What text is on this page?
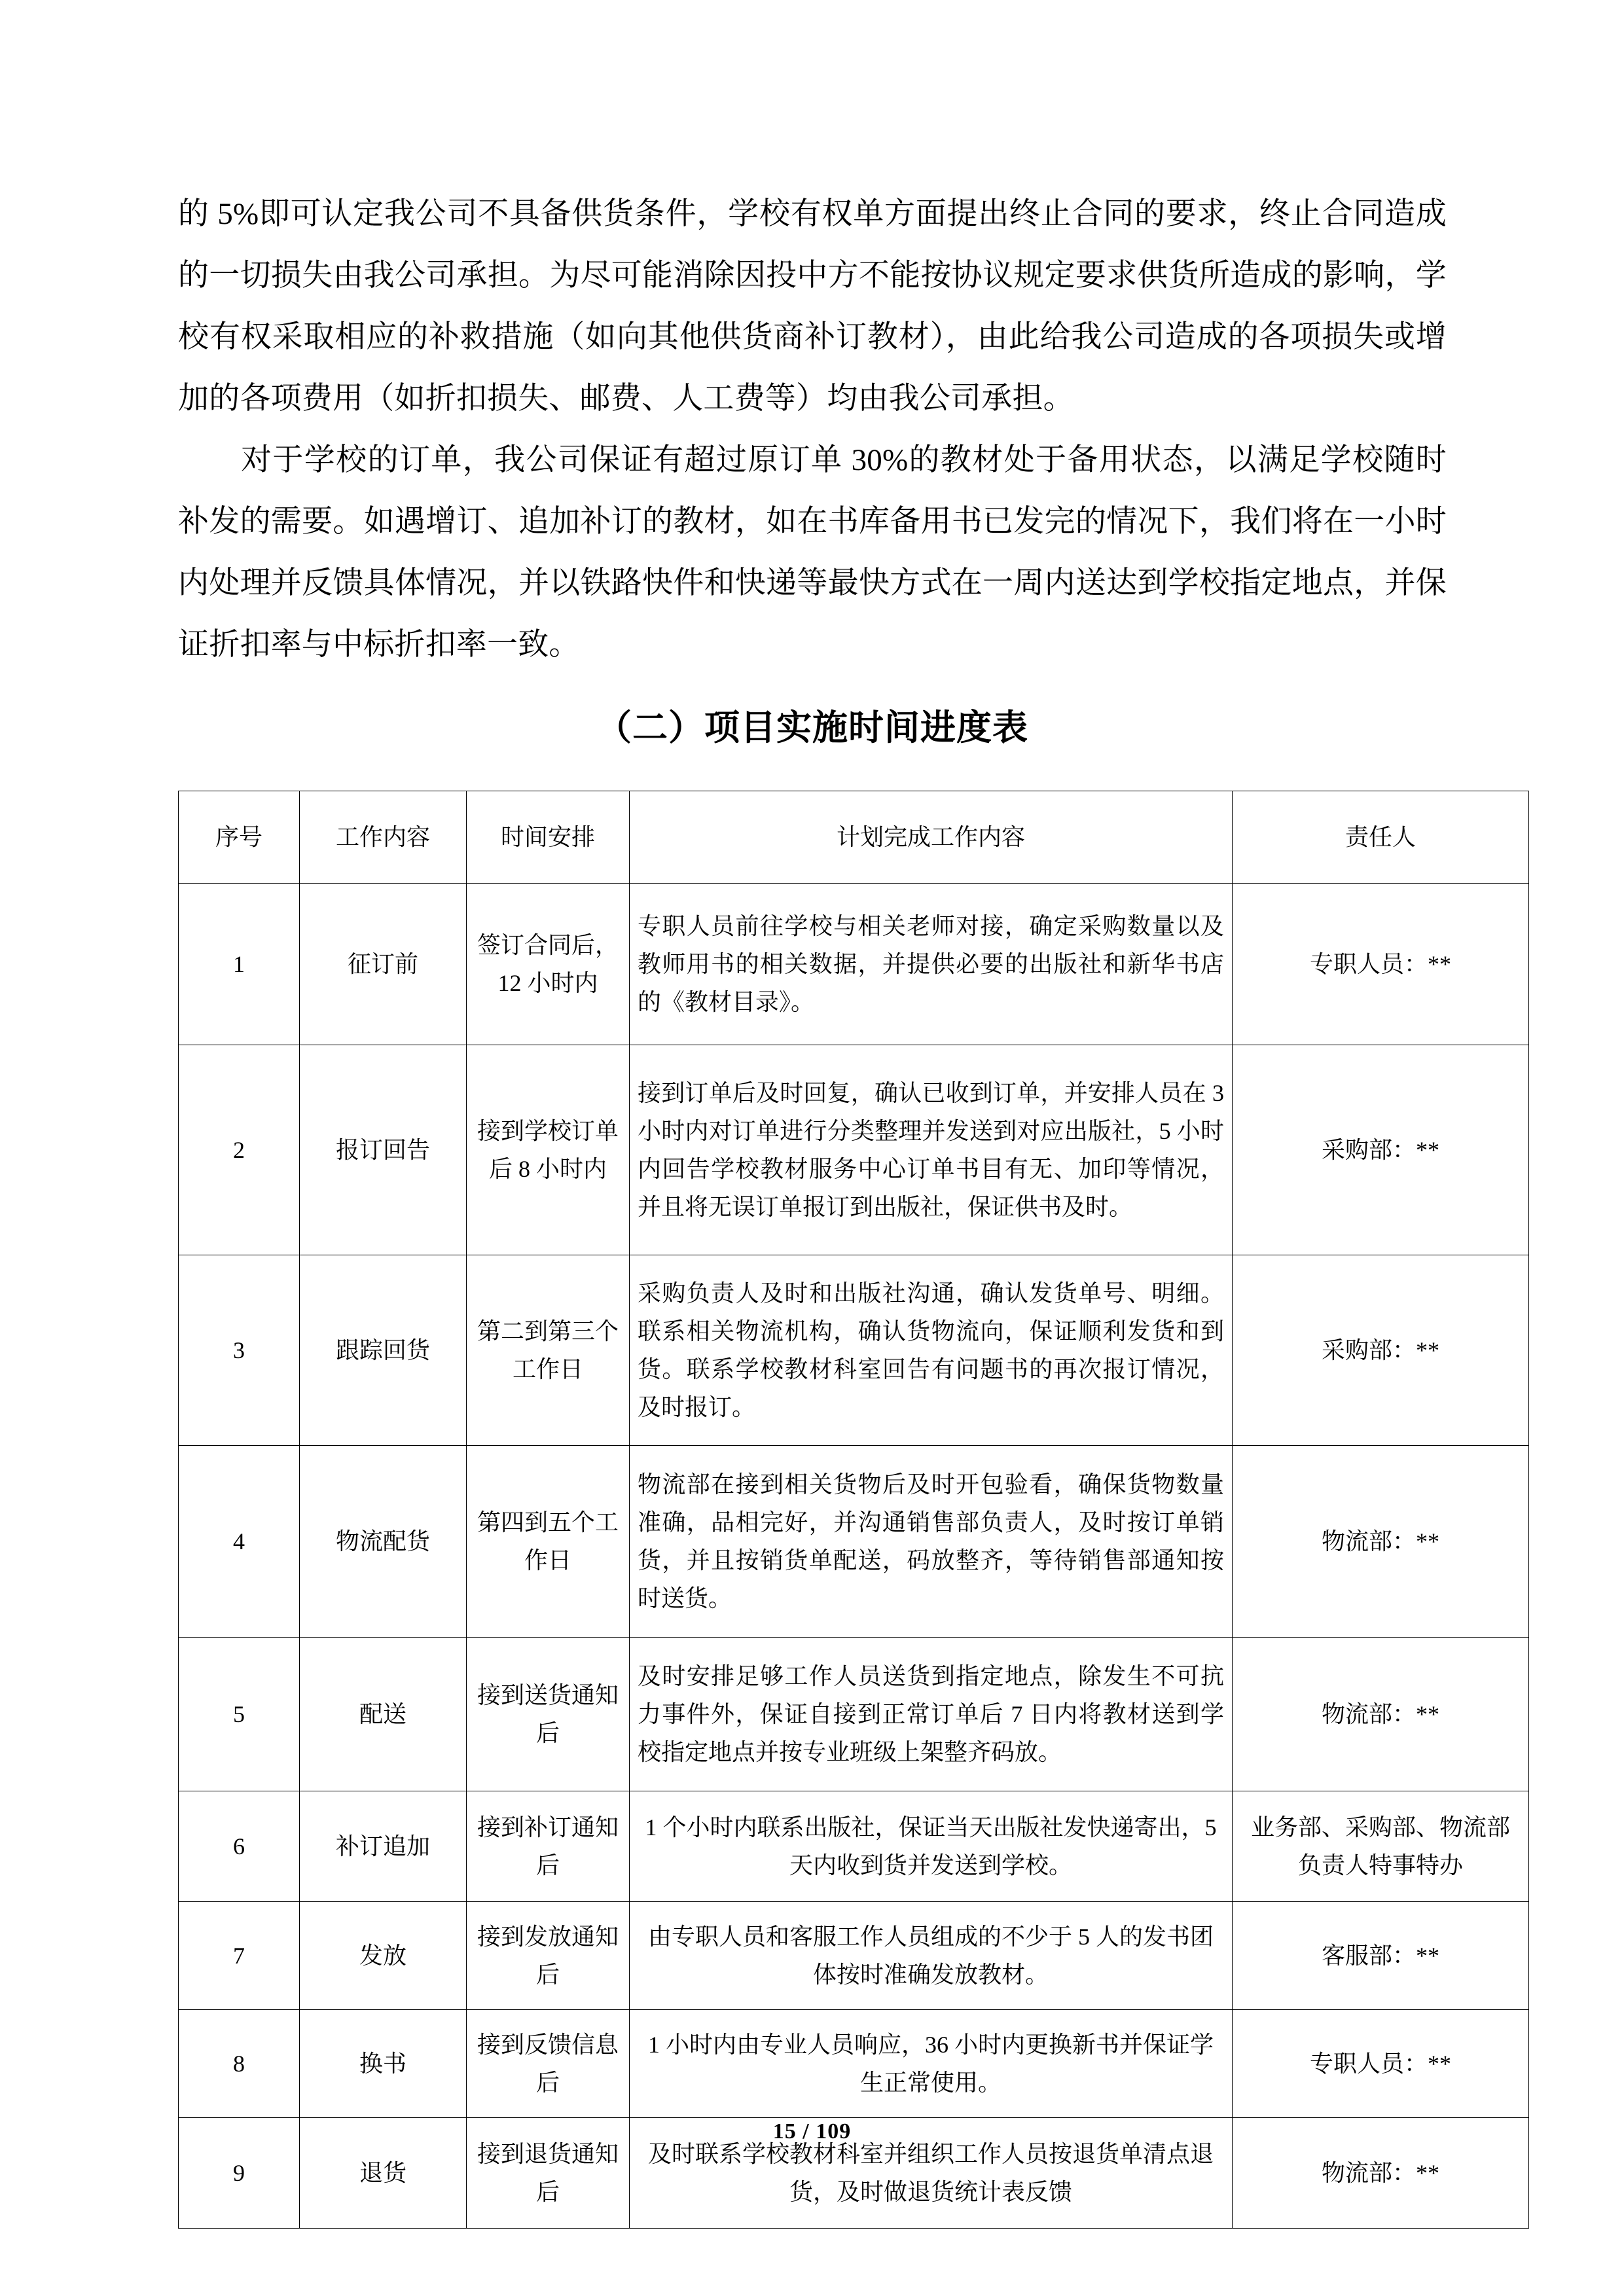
的 5%即可认定我公司不具备供货条件，学校有权单方面提出终止合同的要求，终止合同造成的一切损失由我公司承担。为尽可能消除因投中方不能按协议规定要求供货所造成的影响，学校有权采取相应的补救措施（如向其他供货商补订教材），由此给我公司造成的各项损失或增加的各项费用（如折扣损失、邮费、人工费等）均由我公司承担。

对于学校的订单，我公司保证有超过原订单 30%的教材处于备用状态，以满足学校随时补发的需要。如遇增订、追加补订的教材，如在书库备用书已发完的情况下，我们将在一小时内处理并反馈具体情况，并以铁路快件和快递等最快方式在一周内送达到学校指定地点，并保证折扣率与中标折扣率一致。

（二）项目实施时间进度表
序号	工作内容	时间安排	计划完成工作内容	责任人
1	征订前	签订合同后，12 小时内	专职人员前往学校与相关老师对接，确定采购数量以及教师用书的相关数据，并提供必要的出版社和新华书店的《教材目录》。	专职人员：**
2	报订回告	接到学校订单后 8 小时内	接到订单后及时回复，确认已收到订单，并安排人员在 3 小时内对订单进行分类整理并发送到对应出版社，5 小时内回告学校教材服务中心订单书目有无、加印等情况，并且将无误订单报订到出版社，保证供书及时。	采购部：**
3	跟踪回货	第二到第三个工作日	采购负责人及时和出版社沟通，确认发货单号、明细。联系相关物流机构，确认货物流向，保证顺利发货和到货。联系学校教材科室回告有问题书的再次报订情况，及时报订。	采购部：**
4	物流配货	第四到五个工作日	物流部在接到相关货物后及时开包验看，确保货物数量准确，品相完好，并沟通销售部负责人，及时按订单销货，并且按销货单配送，码放整齐，等待销售部通知按时送货。	物流部：**
5	配送	接到送货通知后	及时安排足够工作人员送货到指定地点，除发生不可抗力事件外，保证自接到正常订单后 7 日内将教材送到学校指定地点并按专业班级上架整齐码放。	物流部：**
6	补订追加	接到补订通知后	1 个小时内联系出版社，保证当天出版社发快递寄出，5 天内收到货并发送到学校。	业务部、采购部、物流部负责人特事特办
7	发放	接到发放通知后	由专职人员和客服工作人员组成的不少于 5 人的发书团体按时准确发放教材。	客服部：**
8	换书	接到反馈信息后	1 小时内由专业人员响应，36 小时内更换新书并保证学生正常使用。	专职人员：**
9	退货	接到退货通知后	及时联系学校教材科室并组织工作人员按退货单清点退货，及时做退货统计表反馈	物流部：**
15 / 109
